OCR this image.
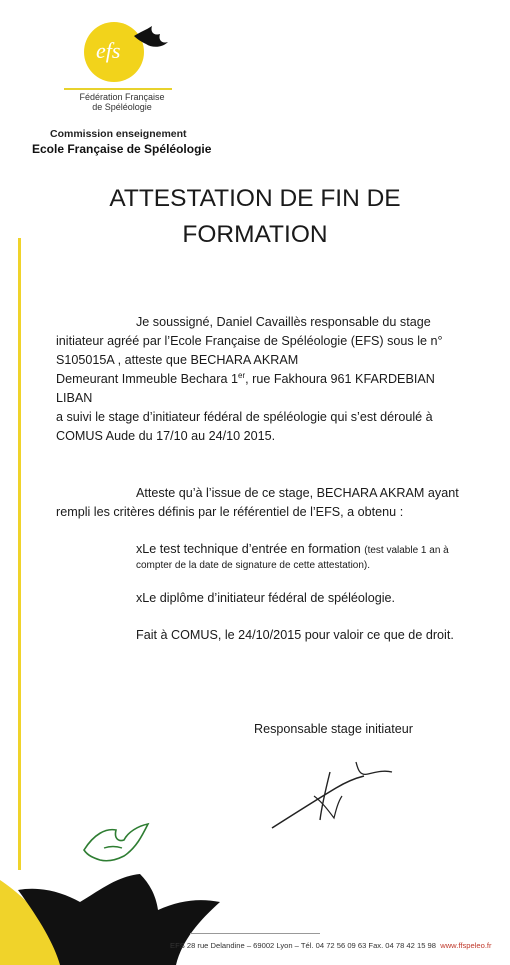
efs
Fédération Française
de Spéléologie
Commission enseignement
Ecole Française de Spéléologie
ATTESTATION DE FIN DE
FORMATION
Je soussigné, Daniel Cavaillès responsable du stage
initiateur agréé par l’Ecole Française de Spéléologie (EFS) sous le n°
S105015A , atteste que BECHARA AKRAM
Demeurant Immeuble Bechara 1er, rue Fakhoura 961 KFARDEBIAN
LIBAN
a suivi le stage d’initiateur fédéral de spéléologie qui s’est déroulé à
COMUS Aude du 17/10 au 24/10 2015.
Atteste qu’à l’issue de ce stage, BECHARA AKRAM ayant
rempli les critères définis par le référentiel de l’EFS, a obtenu :
xLe test technique d’entrée en formation (test valable 1 an à
compter de la date de signature de cette attestation).
xLe diplôme d’initiateur fédéral de spéléologie.
Fait à COMUS, le 24/10/2015 pour valoir ce que de droit.
Responsable stage initiateur
EFS 28 rue Delandine – 69002 Lyon – Tél. 04 72 56 09 63 Fax. 04 78 42 15 98 www.ffspeleo.fr
